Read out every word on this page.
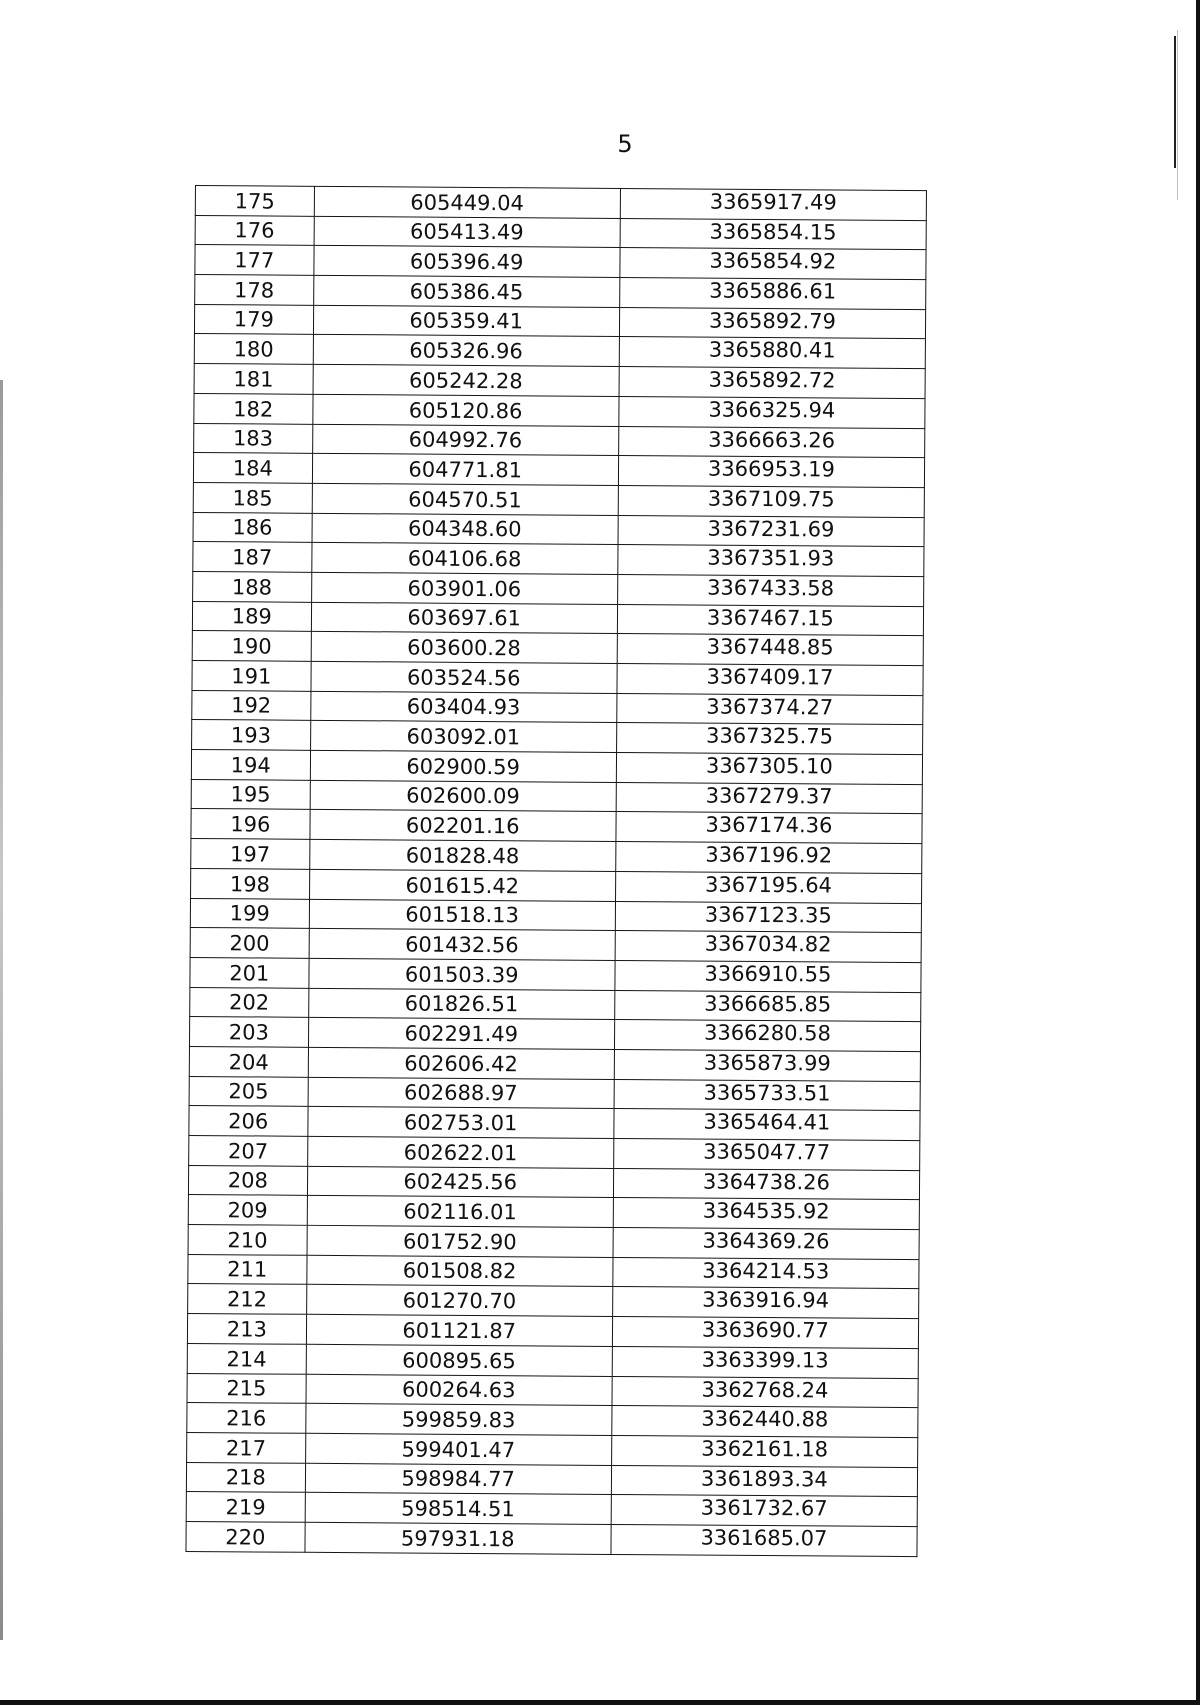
5
175	605449.04	3365917.49
176	605413.49	3365854.15
177	605396.49	3365854.92
178	605386.45	3365886.61
179	605359.41	3365892.79
180	605326.96	3365880.41
181	605242.28	3365892.72
182	605120.86	3366325.94
183	604992.76	3366663.26
184	604771.81	3366953.19
185	604570.51	3367109.75
186	604348.60	3367231.69
187	604106.68	3367351.93
188	603901.06	3367433.58
189	603697.61	3367467.15
190	603600.28	3367448.85
191	603524.56	3367409.17
192	603404.93	3367374.27
193	603092.01	3367325.75
194	602900.59	3367305.10
195	602600.09	3367279.37
196	602201.16	3367174.36
197	601828.48	3367196.92
198	601615.42	3367195.64
199	601518.13	3367123.35
200	601432.56	3367034.82
201	601503.39	3366910.55
202	601826.51	3366685.85
203	602291.49	3366280.58
204	602606.42	3365873.99
205	602688.97	3365733.51
206	602753.01	3365464.41
207	602622.01	3365047.77
208	602425.56	3364738.26
209	602116.01	3364535.92
210	601752.90	3364369.26
211	601508.82	3364214.53
212	601270.70	3363916.94
213	601121.87	3363690.77
214	600895.65	3363399.13
215	600264.63	3362768.24
216	599859.83	3362440.88
217	599401.47	3362161.18
218	598984.77	3361893.34
219	598514.51	3361732.67
220	597931.18	3361685.07
